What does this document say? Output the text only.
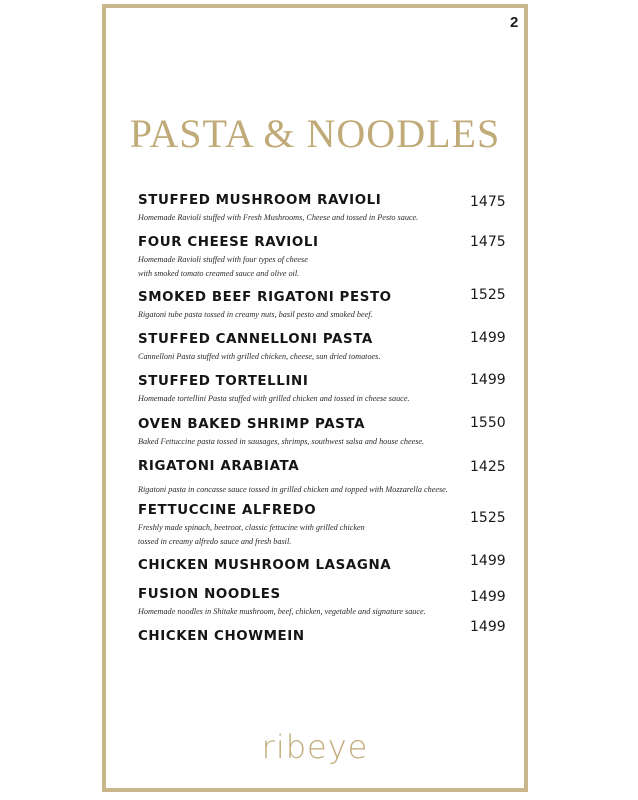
2
PASTA & NOODLES
STUFFED MUSHROOM RAVIOLI
Homemade Ravioli stuffed with Fresh Mushrooms, Cheese and tossed in Pesto sauce.
1475
FOUR CHEESE RAVIOLI
Homemade Ravioli stuffed with four types of cheese
with smoked tomato creamed sauce and olive oil.
1475
SMOKED BEEF RIGATONI PESTO
Rigatoni tube pasta tossed in creamy nuts, basil pesto and smoked beef.
1525
STUFFED CANNELLONI PASTA
Cannelloni Pasta stuffed with grilled chicken, cheese, sun dried tomatoes.
1499
STUFFED TORTELLINI
Homemade tortellini Pasta stuffed with grilled chicken and tossed in cheese sauce.
1499
OVEN BAKED SHRIMP PASTA
Baked Fettuccine pasta tossed in sausages, shrimps, southwest salsa and house cheese.
1550
RIGATONI ARABIATA
Rigatoni pasta in concasse sauce tossed in grilled chicken and topped with Mozzarella cheese.
1425
FETTUCCINE ALFREDO
Freshly made spinach, beetroot, classic fettucine with grilled chicken
tossed in creamy alfredo sauce and fresh basil.
1525
CHICKEN MUSHROOM LASAGNA	1499
FUSION NOODLES
Homemade noodles in Shitake mushroom, beef, chicken, vegetable and signature sauce.
1499
CHICKEN CHOWMEIN
1499
ribeye
